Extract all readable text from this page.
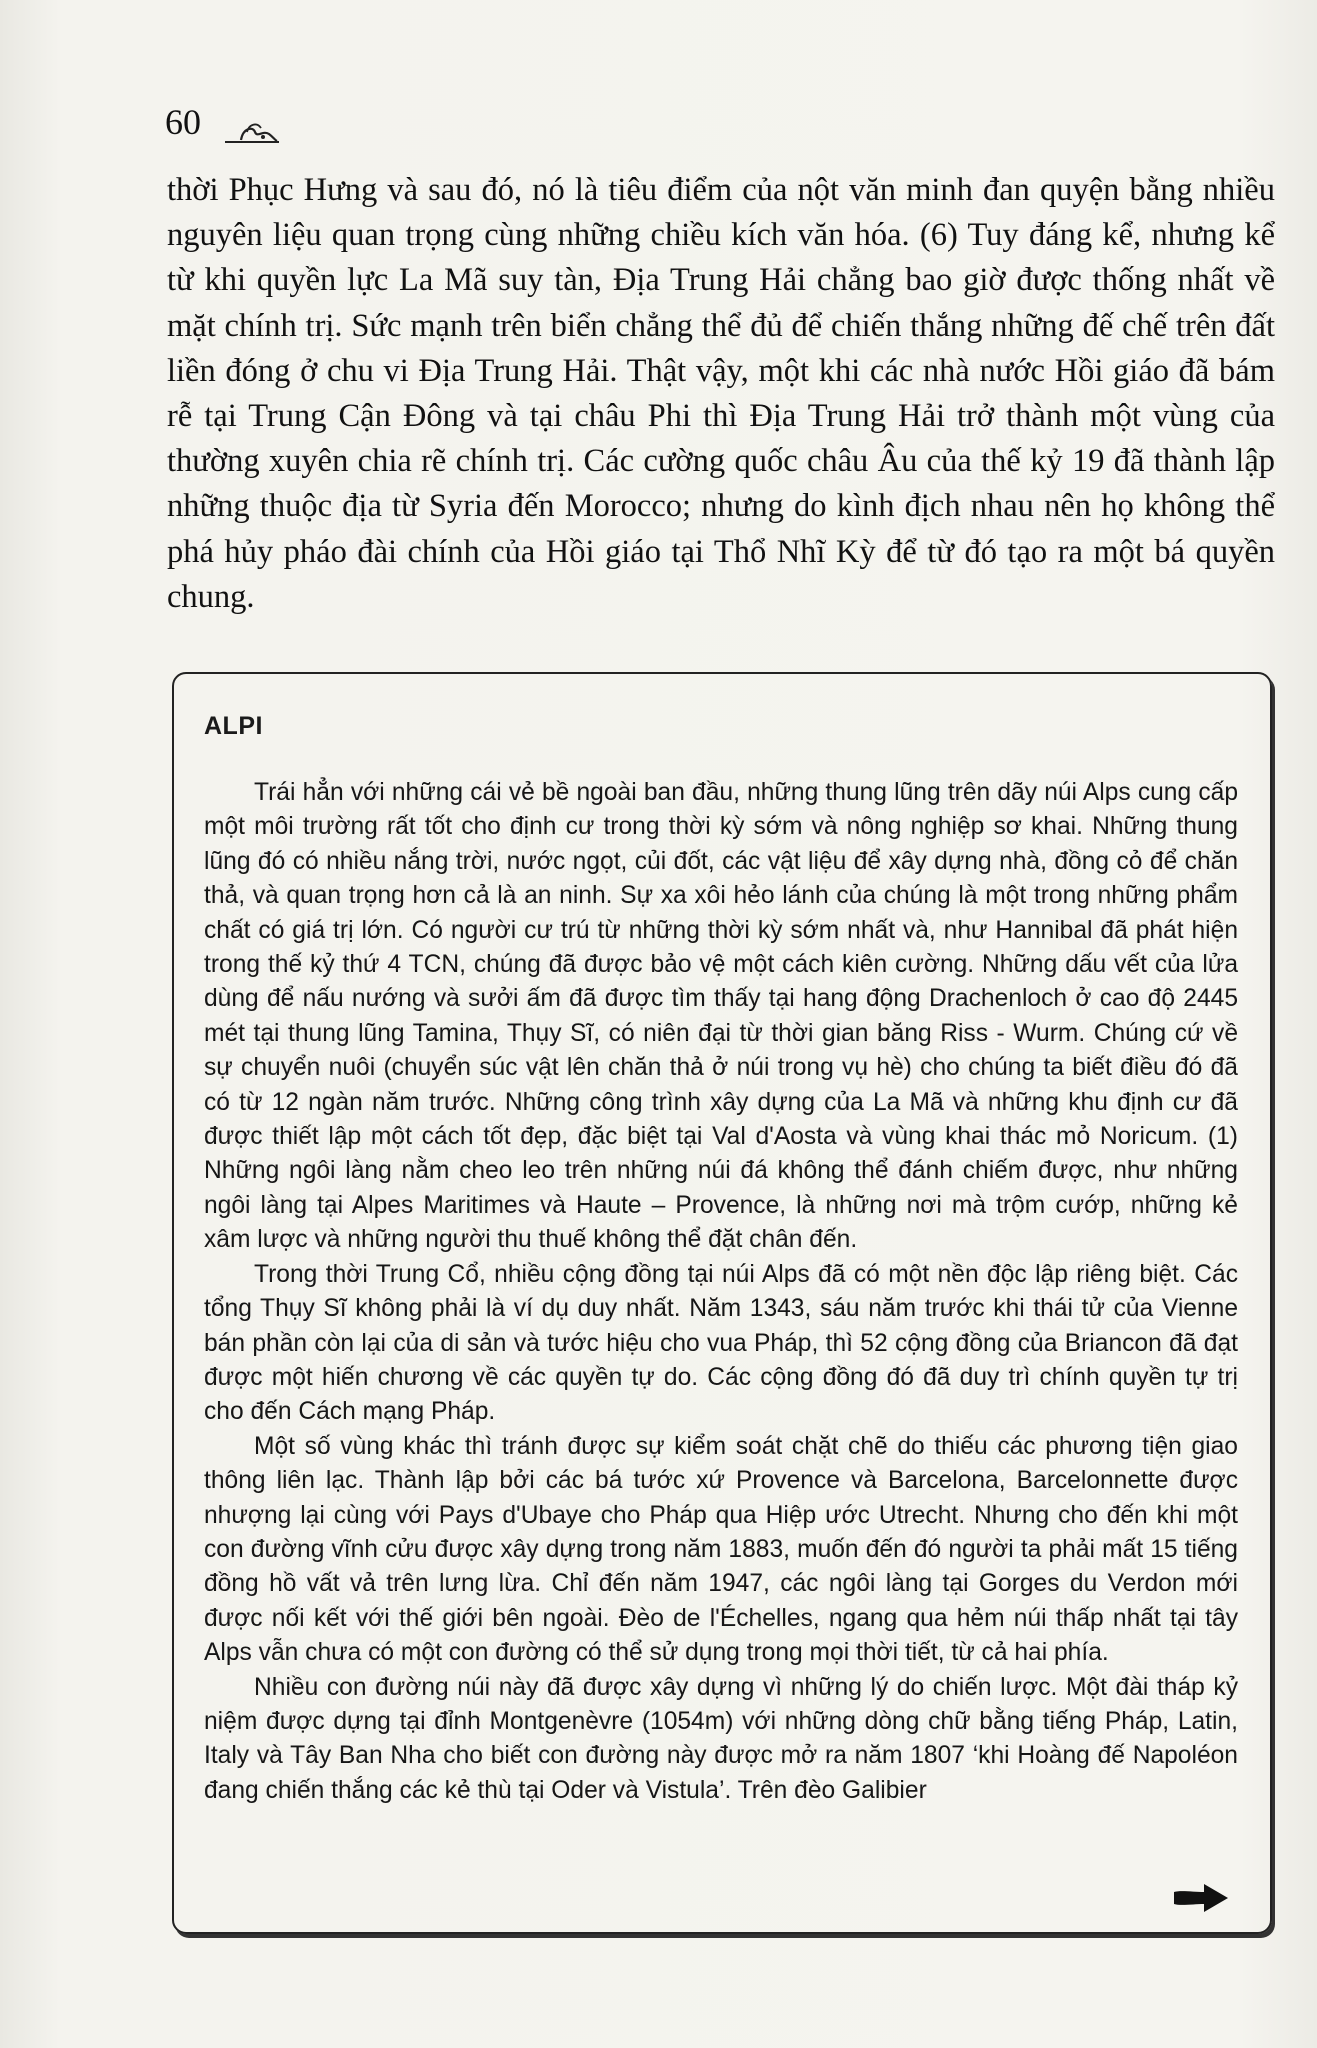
60

thời Phục Hưng và sau đó, nó là tiêu điểm của nột văn minh đan quyện bằng nhiều nguyên liệu quan trọng cùng những chiều kích văn hóa. (6) Tuy đáng kể, nhưng kể từ khi quyền lực La Mã suy tàn, Địa Trung Hải chẳng bao giờ được thống nhất về mặt chính trị. Sức mạnh trên biển chẳng thể đủ để chiến thắng những đế chế trên đất liền đóng ở chu vi Địa Trung Hải. Thật vậy, một khi các nhà nước Hồi giáo đã bám rễ tại Trung Cận Đông và tại châu Phi thì Địa Trung Hải trở thành một vùng của thường xuyên chia rẽ chính trị. Các cường quốc châu Âu của thế kỷ 19 đã thành lập những thuộc địa từ Syria đến Morocco; nhưng do kình địch nhau nên họ không thể phá hủy pháo đài chính của Hồi giáo tại Thổ Nhĩ Kỳ để từ đó tạo ra một bá quyền chung.

ALPI

Trái hẳn với những cái vẻ bề ngoài ban đầu, những thung lũng trên dãy núi Alps cung cấp một môi trường rất tốt cho định cư trong thời kỳ sớm và nông nghiệp sơ khai. Những thung lũng đó có nhiều nắng trời, nước ngọt, củi đốt, các vật liệu để xây dựng nhà, đồng cỏ để chăn thả, và quan trọng hơn cả là an ninh. Sự xa xôi hẻo lánh của chúng là một trong những phẩm chất có giá trị lớn. Có người cư trú từ những thời kỳ sớm nhất và, như Hannibal đã phát hiện trong thế kỷ thứ 4 TCN, chúng đã được bảo vệ một cách kiên cường. Những dấu vết của lửa dùng để nấu nướng và sưởi ấm đã được tìm thấy tại hang động Drachenloch ở cao độ 2445 mét tại thung lũng Tamina, Thụy Sĩ, có niên đại từ thời gian băng Riss - Wurm. Chúng cứ về sự chuyển nuôi (chuyển súc vật lên chăn thả ở núi trong vụ hè) cho chúng ta biết điều đó đã có từ 12 ngàn năm trước. Những công trình xây dựng của La Mã và những khu định cư đã được thiết lập một cách tốt đẹp, đặc biệt tại Val d'Aosta và vùng khai thác mỏ Noricum. (1) Những ngôi làng nằm cheo leo trên những núi đá không thể đánh chiếm được, như những ngôi làng tại Alpes Maritimes và Haute – Provence, là những nơi mà trộm cướp, những kẻ xâm lược và những người thu thuế không thể đặt chân đến.

Trong thời Trung Cổ, nhiều cộng đồng tại núi Alps đã có một nền độc lập riêng biệt. Các tổng Thụy Sĩ không phải là ví dụ duy nhất. Năm 1343, sáu năm trước khi thái tử của Vienne bán phần còn lại của di sản và tước hiệu cho vua Pháp, thì 52 cộng đồng của Briancon đã đạt được một hiến chương về các quyền tự do. Các cộng đồng đó đã duy trì chính quyền tự trị cho đến Cách mạng Pháp.

Một số vùng khác thì tránh được sự kiểm soát chặt chẽ do thiếu các phương tiện giao thông liên lạc. Thành lập bởi các bá tước xứ Provence và Barcelona, Barcelonnette được nhượng lại cùng với Pays d'Ubaye cho Pháp qua Hiệp ước Utrecht. Nhưng cho đến khi một con đường vĩnh cửu được xây dựng trong năm 1883, muốn đến đó người ta phải mất 15 tiếng đồng hồ vất vả trên lưng lừa. Chỉ đến năm 1947, các ngôi làng tại Gorges du Verdon mới được nối kết với thế giới bên ngoài. Đèo de l'Échelles, ngang qua hẻm núi thấp nhất tại tây Alps vẫn chưa có một con đường có thể sử dụng trong mọi thời tiết, từ cả hai phía.

Nhiều con đường núi này đã được xây dựng vì những lý do chiến lược. Một đài tháp kỷ niệm được dựng tại đỉnh Montgenèvre (1054m) với những dòng chữ bằng tiếng Pháp, Latin, Italy và Tây Ban Nha cho biết con đường này được mở ra năm 1807 ‘khi Hoàng đế Napoléon đang chiến thắng các kẻ thù tại Oder và Vistula’. Trên đèo Galibier
